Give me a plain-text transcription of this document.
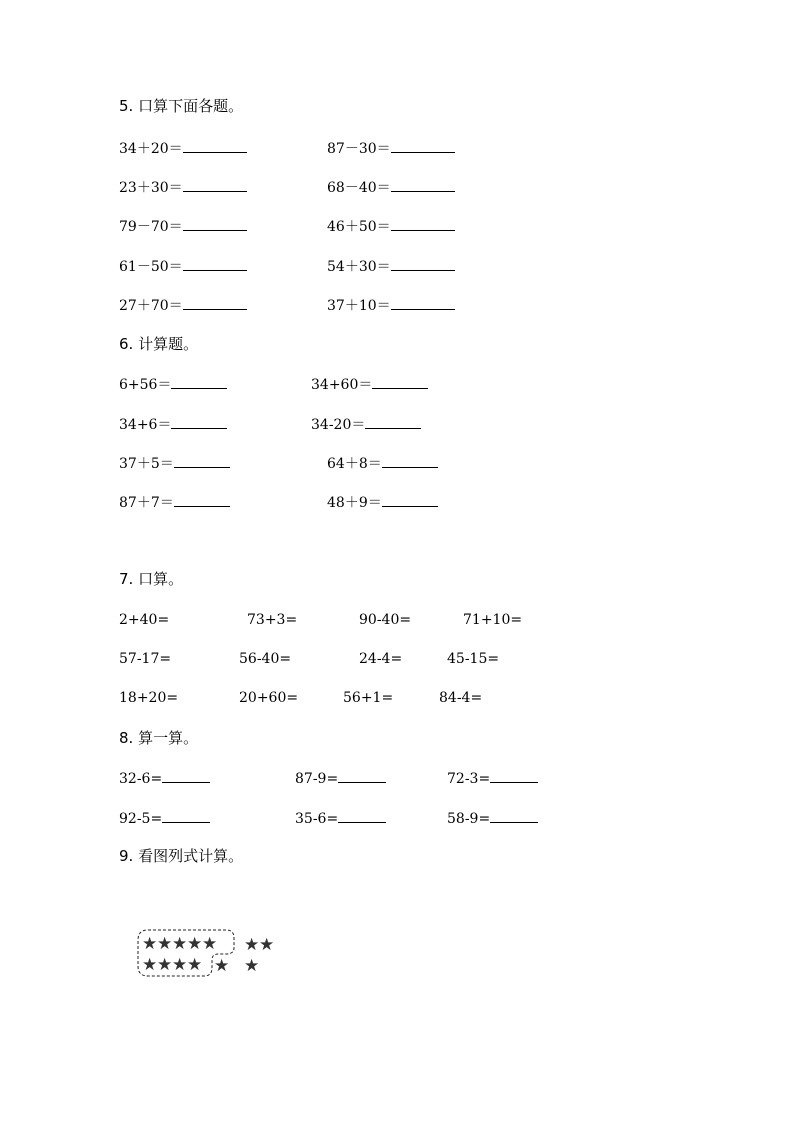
5. 口算下面各题。
34＋20＝	87－30＝
23＋30＝	68－40＝
79－70＝	46＋50＝
61－50＝	54＋30＝
27＋70＝	37＋10＝
6. 计算题。
6+56＝	34+60＝
34+6＝	34-20＝
37＋5＝	64＋8＝
87＋7＝	48＋9＝
7. 口算。
2+40=	73+3=	90-40=	71+10=
57-17=	56-40=	24-4=	45-15=
18+20=	20+60=	56+1=	84-4=
8. 算一算。
32-6=	87-9=	72-3=
92-5=	35-6=	58-9=
9. 看图列式计算。
★ ★ ★ ★ ★ ★ ★
★ ★ ★ ★ ★ ★
